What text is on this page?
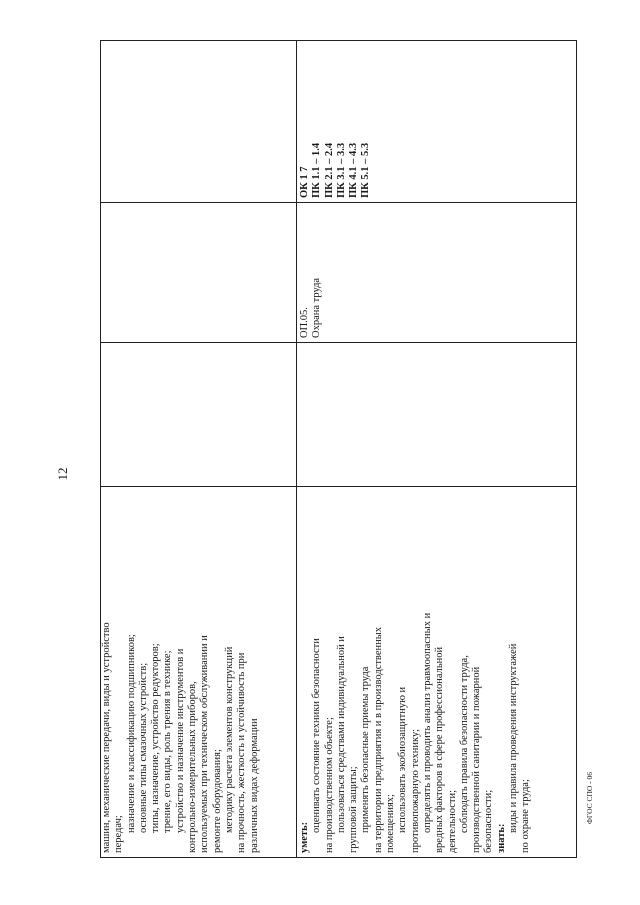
12

машин, механические передачи, виды и устройство передач;

назначение и классификацию подшипников; основные типы смазочных устройств; типы, назначение, устройство редукторов; трение, его виды, роль трения в технике; устройство и назначение инструментов и контрольно-измерительных приборов, используемых при техническом обслуживании и ремонте оборудования; методику расчета элементов конструкций на прочность, жесткость и устойчивость при различных видах деформации	уметь:

оценивать состояние техники безопасности на производственном объекте; пользоваться средствами индивидуальной и групповой защиты; применять безопасные приемы труда на территории предприятия и в производственных помещениях; использовать экобиозащитную и противопожарную технику; определять и проводить анализ травмоопасных и вредных факторов в сфере профессиональной деятельности; соблюдать правила безопасности труда, производственной санитарии и пожарной безопасности; знать:

виды и правила проведения инструктажей по охране труда;

ОП.05. Охрана труда

ОК 1 7 ПК 1.1 – 1.4 ПК 2.1 – 2.4 ПК 3.1 – 3.3 ПК 4.1 – 4.3 ПК 5.1 – 5.3

ФГОС СПО - 06
